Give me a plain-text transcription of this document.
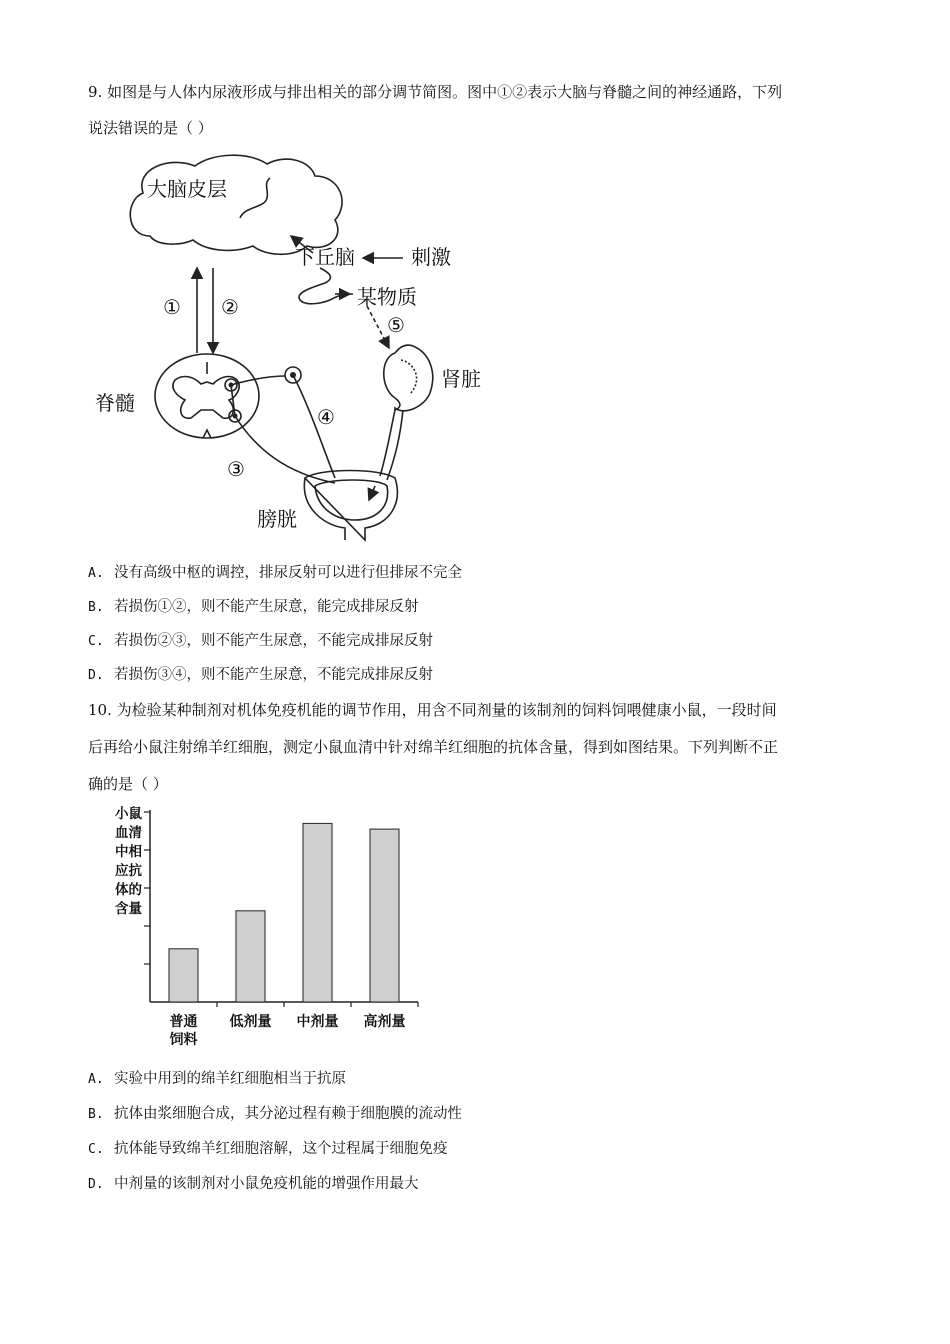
9. 如图是与人体内尿液形成与排出相关的部分调节简图。图中①②表示大脑与脊髓之间的神经通路，下列
说法错误的是（ ）
大脑皮层
下丘脑	刺激
某物质
脊髓
肾脏
膀胱
① ②
③
④
⑤
A. 没有高级中枢的调控，排尿反射可以进行但排尿不完全
B. 若损伤①②，则不能产生尿意，能完成排尿反射
C. 若损伤②③，则不能产生尿意，不能完成排尿反射
D. 若损伤③④，则不能产生尿意，不能完成排尿反射
10. 为检验某种制剂对机体免疫机能的调节作用，用含不同剂量的该制剂的饲料饲喂健康小鼠，一段时间
后再给小鼠注射绵羊红细胞，测定小鼠血清中针对绵羊红细胞的抗体含量，得到如图结果。下列判断不正
确的是（ ）
普通
饲料
低剂量 中剂量 高剂量
小鼠
血清
中相
应抗
体的
含量
A. 实验中用到的绵羊红细胞相当于抗原
B. 抗体由浆细胞合成，其分泌过程有赖于细胞膜的流动性
C. 抗体能导致绵羊红细胞溶解，这个过程属于细胞免疫
D. 中剂量的该制剂对小鼠免疫机能的增强作用最大
